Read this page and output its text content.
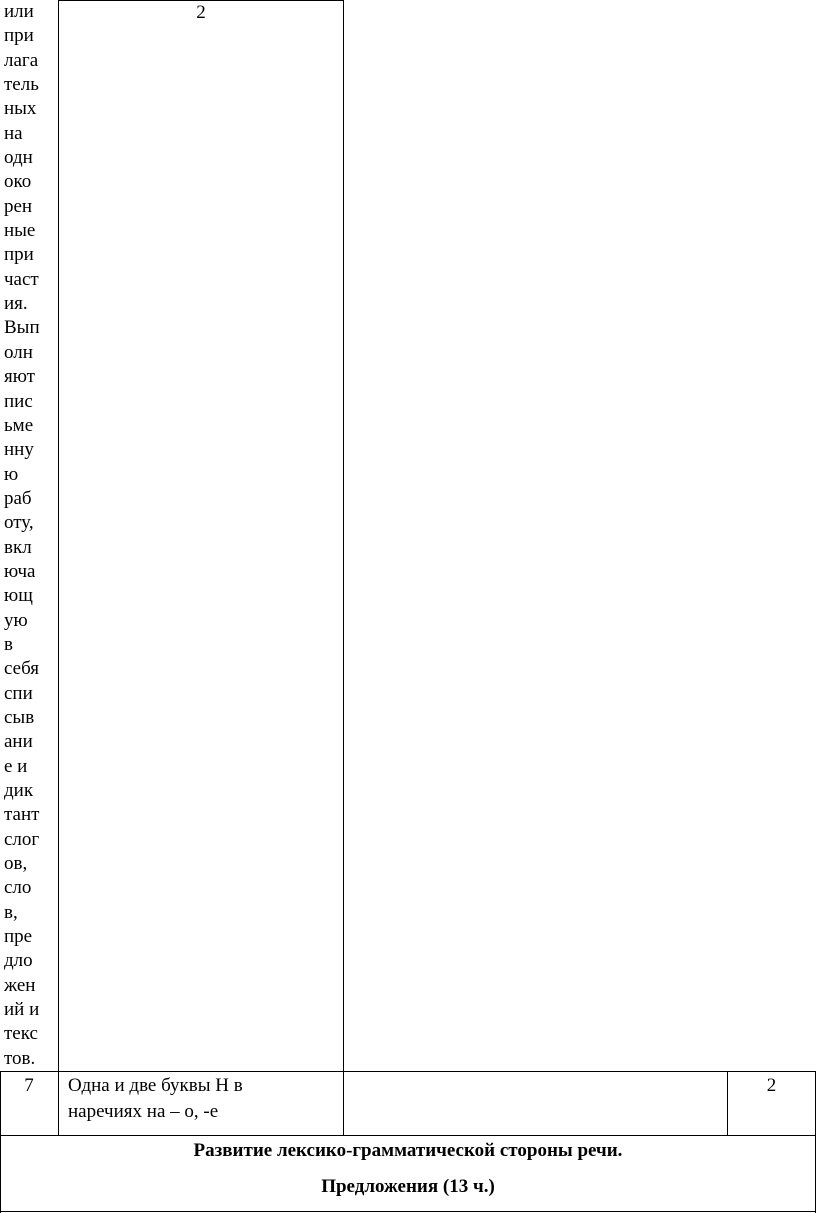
или
при
лага
тель
ных
на
одн
око
рен
ные
при
част
ия.
Вып
олн
яют
пис
ьме
нну
ю
раб
оту,
вкл
юча
ющ
ую
в
себя
спи
сыв
ани
е и
дик
тант
слог
ов,
сло
в,
пре
дло
жен
ий и
текс
тов.
2
7	Одна и две буквы Н в наречиях на – о, -е
2
Развитие лексико-грамматической стороны речи.
Предложения (13 ч.)
